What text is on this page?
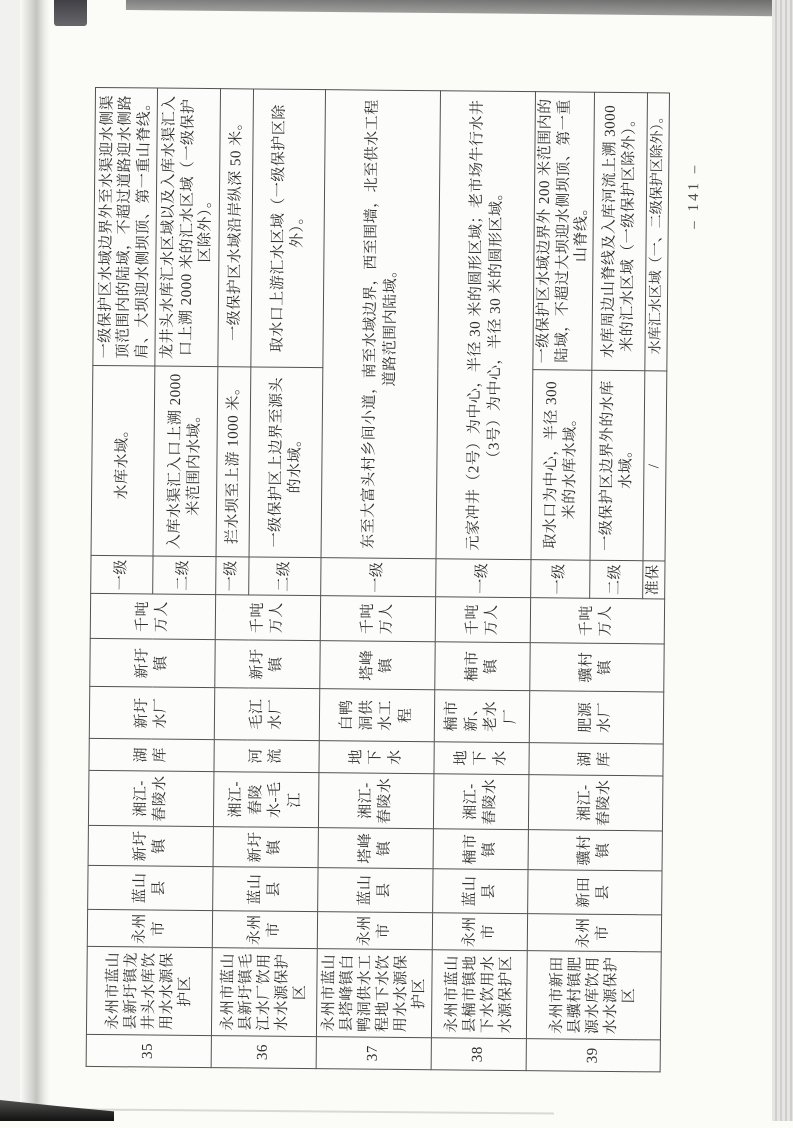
35	永州市蓝山县新圩镇龙井头水库饮用水水源保护区	永州市	蓝山县	新圩镇	湘江-舂陵水	湖库	新圩水厂	新圩镇	千吨万人	一级	水库水域。	一级保护区水域边界外至水渠迎水侧渠顶范围内的陆域，不超过道路迎水侧路肩、大坝迎水侧坝顶、第一重山脊线。
										二级	入库水渠汇入口上溯 2000 米范围内水域。	龙井头水库汇水区域以及入库水渠汇入口上溯 2000 米的汇水区域（一级保护区除外）。
36	永州市蓝山县新圩镇毛江水厂饮用水水源保护区	永州市	蓝山县	新圩镇	湘江-舂陵水-毛江	河流	毛江水厂	新圩镇	千吨万人	一级	拦水坝至上游 1000 米。	一级保护区水域沿岸纵深 50 米。
										二级	一级保护区上边界至源头的水域。	取水口上游汇水区域（一级保护区除外）。
37	永州市蓝山县塔峰镇白鸭洞供水工程地下水饮用水水源保护区	永州市	蓝山县	塔峰镇	湘江-舂陵水	地下水	白鸭洞供水工程	塔峰镇	千吨万人	一级	东至大富头村乡间小道，南至水域边界，西至围墙，北至供水工程道路范围内陆域。	
38	永州市蓝山县楠市镇地下水饮用水水源保护区	永州市	蓝山县	楠市镇	湘江-舂陵水	地下水	楠市新、老水厂	楠市镇	千吨万人	一级	元家冲井（2号）为中心，半径 30 米的圆形区域；老市场牛行水井（3号）为中心，半径 30 米的圆形区域。	
39	永州市新田县骥村镇肥源水库饮用水水源保护区	永州市	新田县	骥村镇	湘江-舂陵水	湖库	肥源水厂	骥村镇	千吨万人	一级	取水口为中心，半径 300 米的水库水域。	一级保护区水域边界外 200 米范围内的陆域，不超过大坝迎水侧坝顶、第一重山脊线。
										二级	一级保护区边界外的水库水域。	水库周边山脊线及入库河流上溯 3000 米的汇水区域（一级保护区除外）。
										准保	/	水库汇水区域（一、二级保护区除外）。 – 141 –
